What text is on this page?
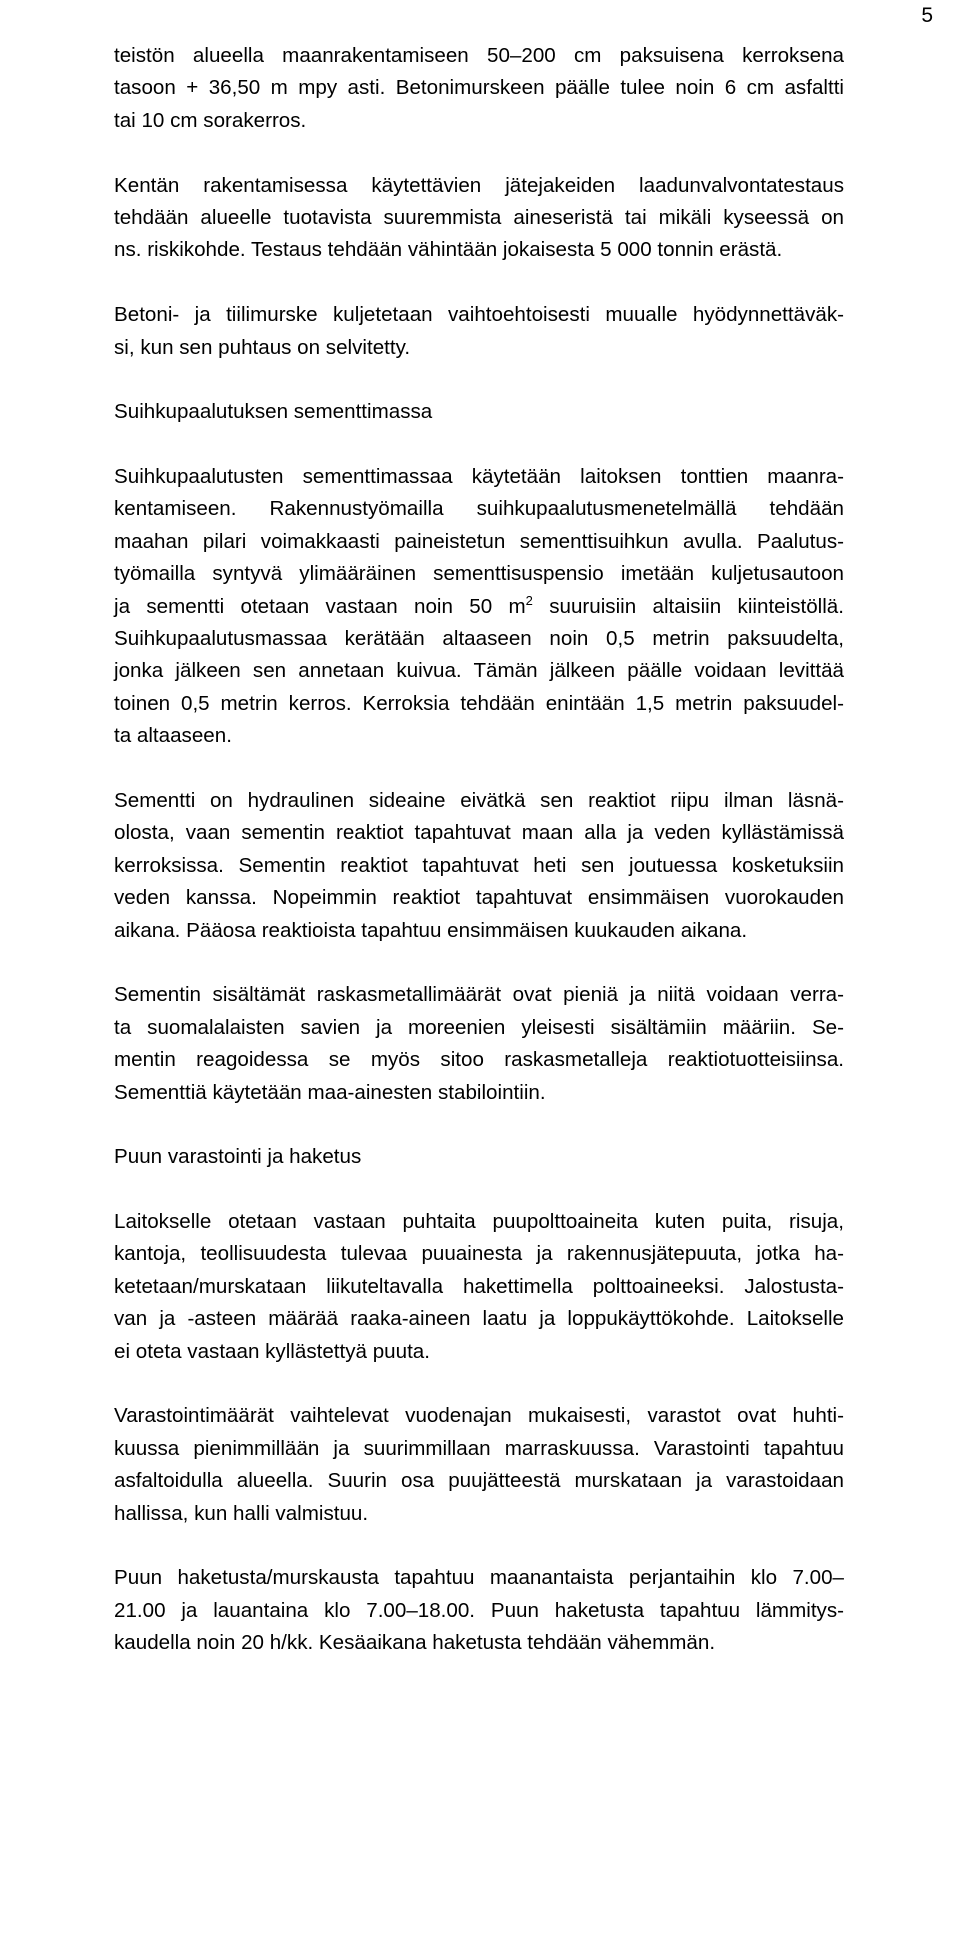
5
teistön alueella maanrakentamiseen 50–200 cm paksuisena kerroksena
tasoon + 36,50 m mpy asti. Betonimurskeen päälle tulee noin 6 cm asfaltti
tai 10 cm sorakerros.
Kentän rakentamisessa käytettävien jätejakeiden laadunvalvontatestaus
tehdään alueelle tuotavista suuremmista aineseristä tai mikäli kyseessä on
ns. riskikohde. Testaus tehdään vähintään jokaisesta 5 000 tonnin erästä.
Betoni- ja tiilimurske kuljetetaan vaihtoehtoisesti muualle hyödynnettäväk-
si, kun sen puhtaus on selvitetty.
Suihkupaalutuksen sementtimassa
Suihkupaalutusten sementtimassaa käytetään laitoksen tonttien maanra-
kentamiseen. Rakennustyömailla suihkupaalutusmenetelmällä tehdään
maahan pilari voimakkaasti paineistetun sementtisuihkun avulla. Paalutus-
työmailla syntyvä ylimääräinen sementtisuspensio imetään kuljetusautoon
ja sementti otetaan vastaan noin 50 $m^2$ suuruisiin altaisiin kiinteistöllä.
Suihkupaalutusmassaa kerätään altaaseen noin 0,5 metrin paksuudelta,
jonka jälkeen sen annetaan kuivua. Tämän jälkeen päälle voidaan levittää
toinen 0,5 metrin kerros. Kerroksia tehdään enintään 1,5 metrin paksuudel-
ta altaaseen.
Sementti on hydraulinen sideaine eivätkä sen reaktiot riipu ilman läsnä-
olosta, vaan sementin reaktiot tapahtuvat maan alla ja veden kyllästämissä
kerroksissa. Sementin reaktiot tapahtuvat heti sen joutuessa kosketuksiin
veden kanssa. Nopeimmin reaktiot tapahtuvat ensimmäisen vuorokauden
aikana. Pääosa reaktioista tapahtuu ensimmäisen kuukauden aikana.
Sementin sisältämät raskasmetallimäärät ovat pieniä ja niitä voidaan verra-
ta suomalalaisten savien ja moreenien yleisesti sisältämiin määriin. Se-
mentin reagoidessa se myös sitoo raskasmetalleja reaktiotuotteisiinsa.
Sementtiä käytetään maa-ainesten stabilointiin.
Puun varastointi ja haketus
Laitokselle otetaan vastaan puhtaita puupolttoaineita kuten puita, risuja,
kantoja, teollisuudesta tulevaa puuainesta ja rakennusjätepuuta, jotka ha-
ketetaan/murskataan liikuteltavalla hakettimella polttoaineeksi. Jalostusta-
van ja -asteen määrää raaka-aineen laatu ja loppukäyttökohde. Laitokselle
ei oteta vastaan kyllästettyä puuta.
Varastointimäärät vaihtelevat vuodenajan mukaisesti, varastot ovat huhti-
kuussa pienimmillään ja suurimmillaan marraskuussa. Varastointi tapahtuu
asfaltoidulla alueella. Suurin osa puujätteestä murskataan ja varastoidaan
hallissa, kun halli valmistuu.
Puun haketusta/murskausta tapahtuu maanantaista perjantaihin klo 7.00–
21.00 ja lauantaina klo 7.00–18.00. Puun haketusta tapahtuu lämmitys-
kaudella noin 20 h/kk. Kesäaikana haketusta tehdään vähemmän.
